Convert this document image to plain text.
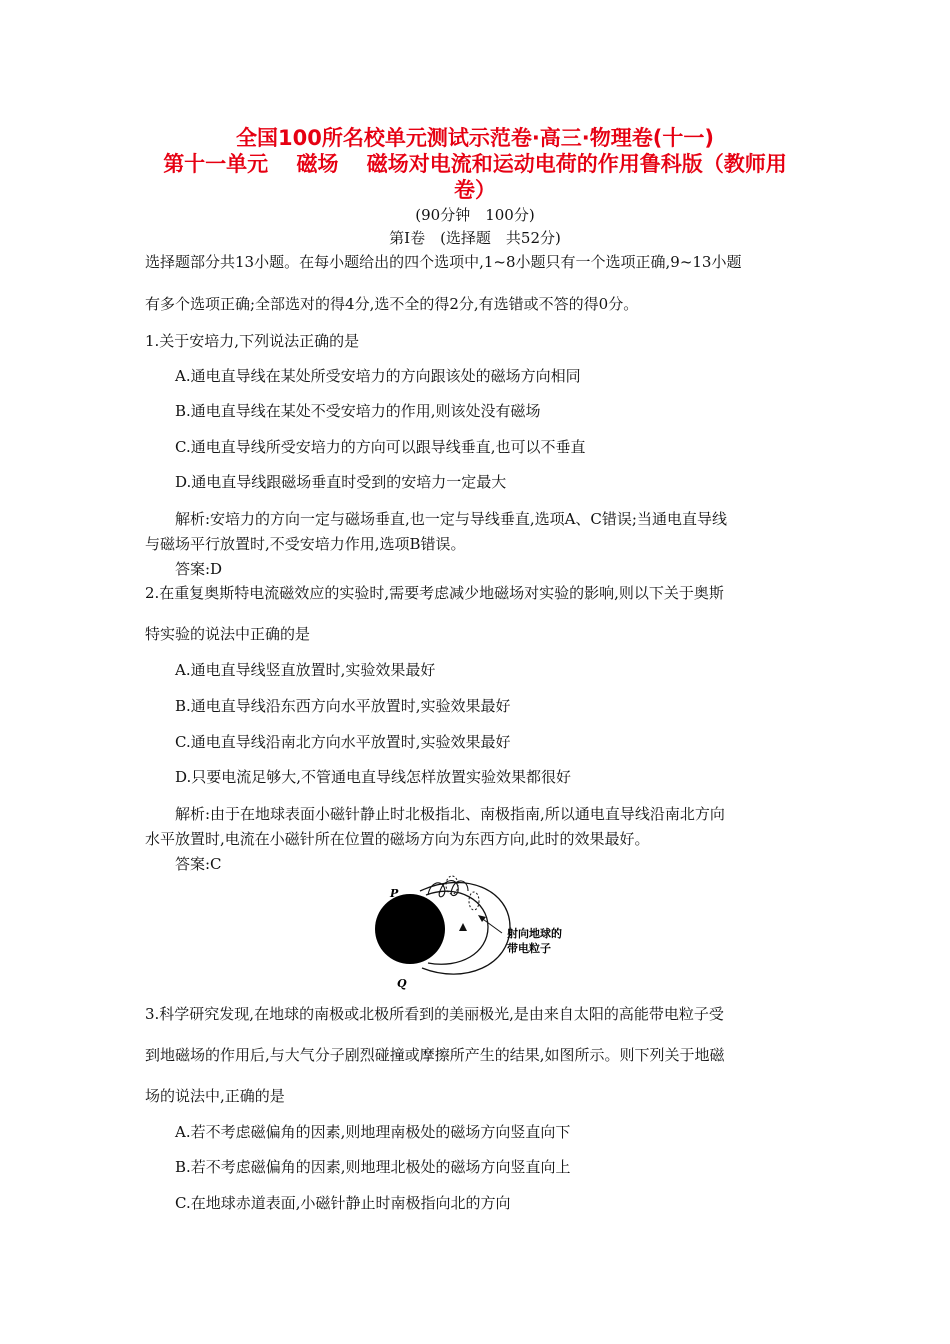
全国100所名校单元测试示范卷·高三·物理卷(十一)
第十一单元　 磁场　 磁场对电流和运动电荷的作用鲁科版（教师用
卷）
(90分钟　100分)
第Ⅰ卷　(选择题　共52分)
选择题部分共13小题。在每小题给出的四个选项中,1~8小题只有一个选项正确,9~13小题
有多个选项正确;全部选对的得4分,选不全的得2分,有选错或不答的得0分。
1.关于安培力,下列说法正确的是
A.通电直导线在某处所受安培力的方向跟该处的磁场方向相同
B.通电直导线在某处不受安培力的作用,则该处没有磁场
C.通电直导线所受安培力的方向可以跟导线垂直,也可以不垂直
D.通电直导线跟磁场垂直时受到的安培力一定最大
解析:安培力的方向一定与磁场垂直,也一定与导线垂直,选项A、C错误;当通电直导线
与磁场平行放置时,不受安培力作用,选项B错误。
答案:D
2.在重复奥斯特电流磁效应的实验时,需要考虑减少地磁场对实验的影响,则以下关于奥斯
特实验的说法中正确的是
A.通电直导线竖直放置时,实验效果最好
B.通电直导线沿东西方向水平放置时,实验效果最好
C.通电直导线沿南北方向水平放置时,实验效果最好
D.只要电流足够大,不管通电直导线怎样放置实验效果都很好
解析:由于在地球表面小磁针静止时北极指北、南极指南,所以通电直导线沿南北方向
水平放置时,电流在小磁针所在位置的磁场方向为东西方向,此时的效果最好。
答案:C
P
Q
射向地球的
带电粒子
3.科学研究发现,在地球的南极或北极所看到的美丽极光,是由来自太阳的高能带电粒子受
到地磁场的作用后,与大气分子剧烈碰撞或摩擦所产生的结果,如图所示。则下列关于地磁
场的说法中,正确的是
A.若不考虑磁偏角的因素,则地理南极处的磁场方向竖直向下
B.若不考虑磁偏角的因素,则地理北极处的磁场方向竖直向上
C.在地球赤道表面,小磁针静止时南极指向北的方向
